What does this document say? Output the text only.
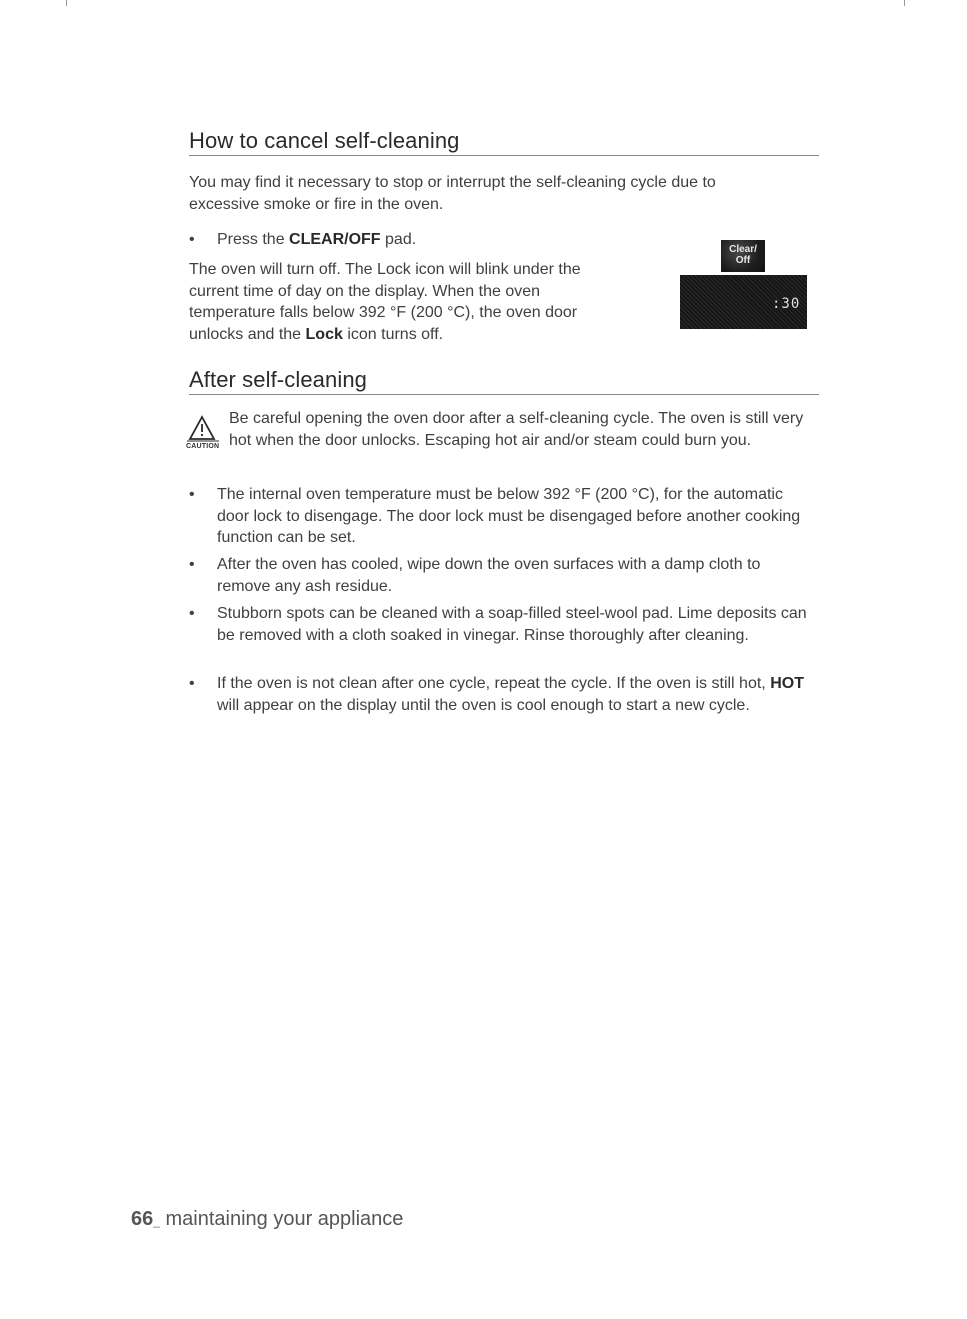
How to cancel self-cleaning

You may find it necessary to stop or interrupt the self-cleaning cycle due to excessive smoke or fire in the oven.

•	Press the CLEAR/OFF pad.

The oven will turn off. The Lock icon will blink under the current time of day on the display. When the oven temperature falls below 392 °F (200 °C), the oven door unlocks and the Lock icon turns off.

Clear/
Off
:30
After self-cleaning
CAUTION

Be careful opening the oven door after a self-cleaning cycle. The oven is still very hot when the door unlocks. Escaping hot air and/or steam could burn you.

•	The internal oven temperature must be below 392 °F (200 °C), for the automatic door lock to disengage. The door lock must be disengaged before another cooking function can be set.
•	After the oven has cooled, wipe down the oven surfaces with a damp cloth to remove any ash residue.
•	Stubborn spots can be cleaned with a soap-filled steel-wool pad. Lime deposits can be removed with a cloth soaked in vinegar. Rinse thoroughly after cleaning.
•	If the oven is not clean after one cycle, repeat the cycle. If the oven is still hot, HOT will appear on the display until the oven is cool enough to start a new cycle.
66_ maintaining your appliance
